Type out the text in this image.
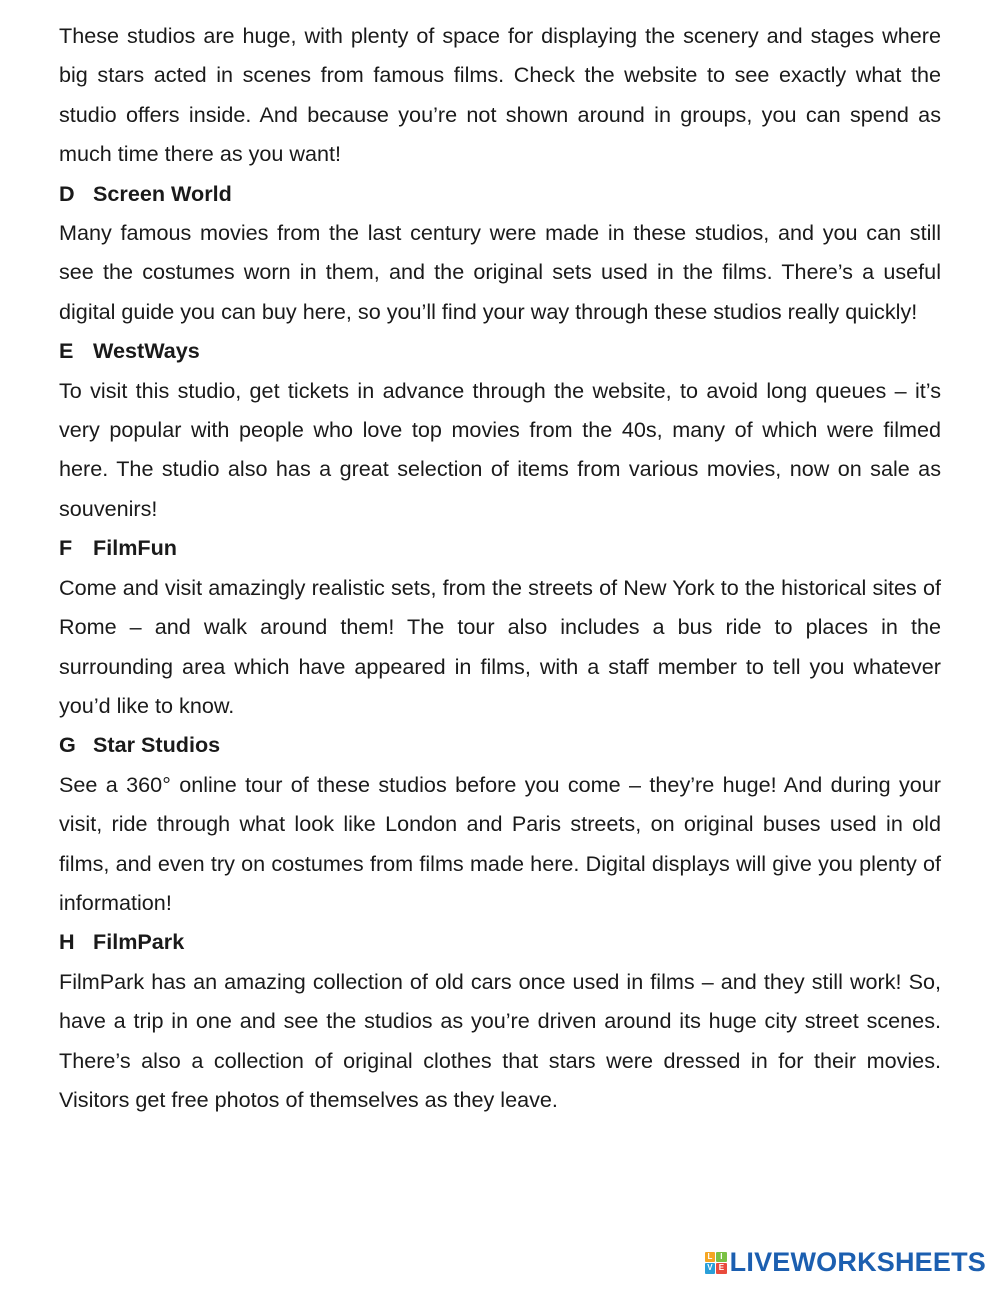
These studios are huge, with plenty of space for displaying the scenery and stages where big stars acted in scenes from famous films. Check the website to see exactly what the studio offers inside. And because you’re not shown around in groups, you can spend as much time there as you want!

D Screen World

Many famous movies from the last century were made in these studios, and you can still see the costumes worn in them, and the original sets used in the films. There’s a useful digital guide you can buy here, so you’ll find your way through these studios really quickly!

E WestWays

To visit this studio, get tickets in advance through the website, to avoid long queues – it’s very popular with people who love top movies from the 40s, many of which were filmed here. The studio also has a great selection of items from various movies, now on sale as souvenirs!

F FilmFun

Come and visit amazingly realistic sets, from the streets of New York to the historical sites of Rome – and walk around them! The tour also includes a bus ride to places in the surrounding area which have appeared in films, with a staff member to tell you whatever you’d like to know.

G Star Studios

See a 360° online tour of these studios before you come – they’re huge! And during your visit, ride through what look like London and Paris streets, on original buses used in old films, and even try on costumes from films made here. Digital displays will give you plenty of information!

H FilmPark

FilmPark has an amazing collection of old cars once used in films – and they still work! So, have a trip in one and see the studios as you’re driven around its huge city street scenes. There’s also a collection of original clothes that stars were dressed in for their movies. Visitors get free photos of themselves as they leave.

L I
V E LIVEWORKSHEETS
